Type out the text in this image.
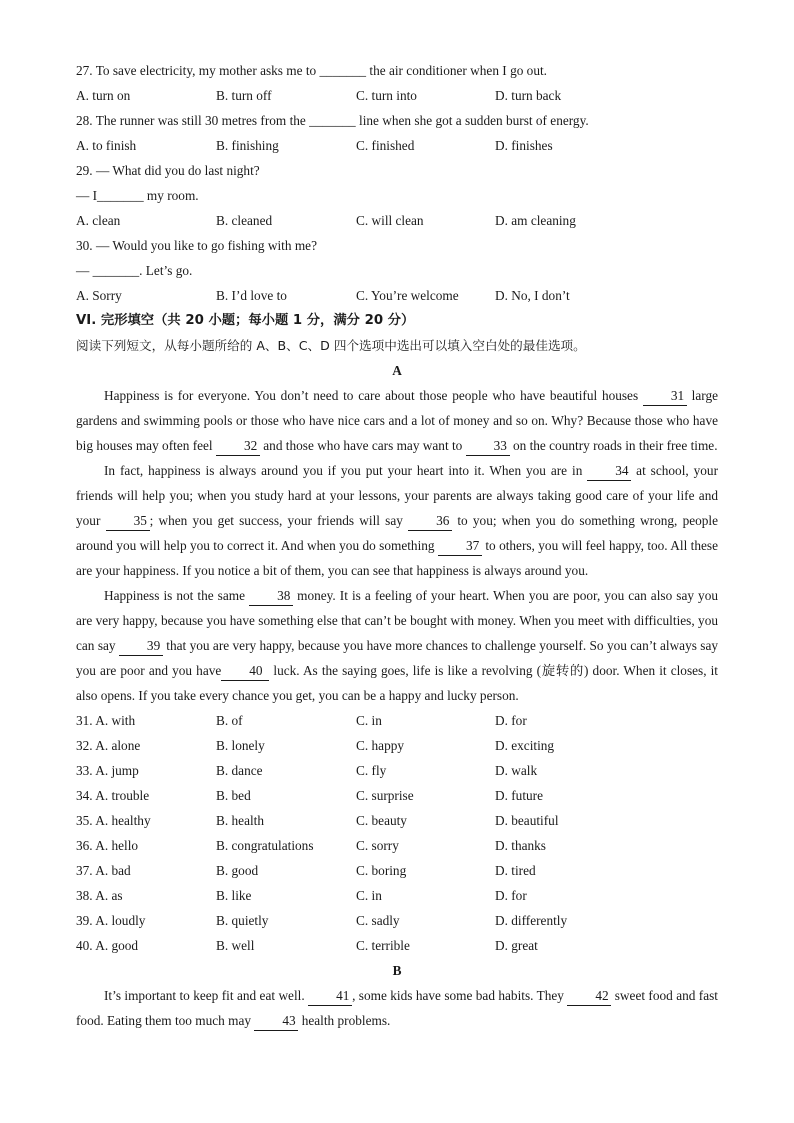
27. To save electricity, my mother asks me to _______ the air conditioner when I go out.
A. turn on	B. turn off	C. turn into	D. turn back
28. The runner was still 30 metres from the _______ line when she got a sudden burst of energy.
A. to finish	B. finishing	C. finished	D. finishes
29. — What did you do last night?
— I_______ my room.
A. clean	B. cleaned	C. will clean	D. am cleaning
30. — Would you like to go fishing with me?
— _______. Let’s go.
A. Sorry	B. I’d love to	C. You’re welcome	D. No, I don’t
VI. 完形填空（共 20 小题；每小题 1 分，满分 20 分）
阅读下列短文，从每小题所给的 A、B、C、D 四个选项中选出可以填入空白处的最佳选项。
A
Happiness is for everyone. You don’t need to care about those people who have beautiful houses 31 large gardens and swimming pools or those who have nice cars and a lot of money and so on. Why? Because those who have big houses may often feel 32 and those who have cars may want to 33 on the country roads in their free time.
In fact, happiness is always around you if you put your heart into it. When you are in 34 at school, your friends will help you; when you study hard at your lessons, your parents are always taking good care of your life and your 35 ; when you get success, your friends will say 36 to you; when you do something wrong, people around you will help you to correct it. And when you do something 37 to others, you will feel happy, too. All these are your happiness. If you notice a bit of them, you can see that happiness is always around you.
Happiness is not the same 38 money. It is a feeling of your heart. When you are poor, you can also say you are very happy, because you have something else that can’t be bought with money. When you meet with difficulties, you can say 39 that you are very happy, because you have more chances to challenge yourself. So you can’t always say you are poor and you have 40 luck. As the saying goes, life is like a revolving (旋转的) door. When it closes, it also opens. If you take every chance you get, you can be a happy and lucky person.
31. A. with	B. of	C. in	D. for
32. A. alone	B. lonely	C. happy	D. exciting
33. A. jump	B. dance	C. fly	D. walk
34. A. trouble	B. bed	C. surprise	D. future
35. A. healthy	B. health	C. beauty	D. beautiful
36. A. hello	B. congratulations	C. sorry	D. thanks
37. A. bad	B. good	C. boring	D. tired
38. A. as	B. like	C. in	D. for
39. A. loudly	B. quietly	C. sadly	D. differently
40. A. good	B. well	C. terrible	D. great
B
It’s important to keep fit and eat well. 41 , some kids have some bad habits. They 42 sweet food and fast food. Eating them too much may 43 health problems.
